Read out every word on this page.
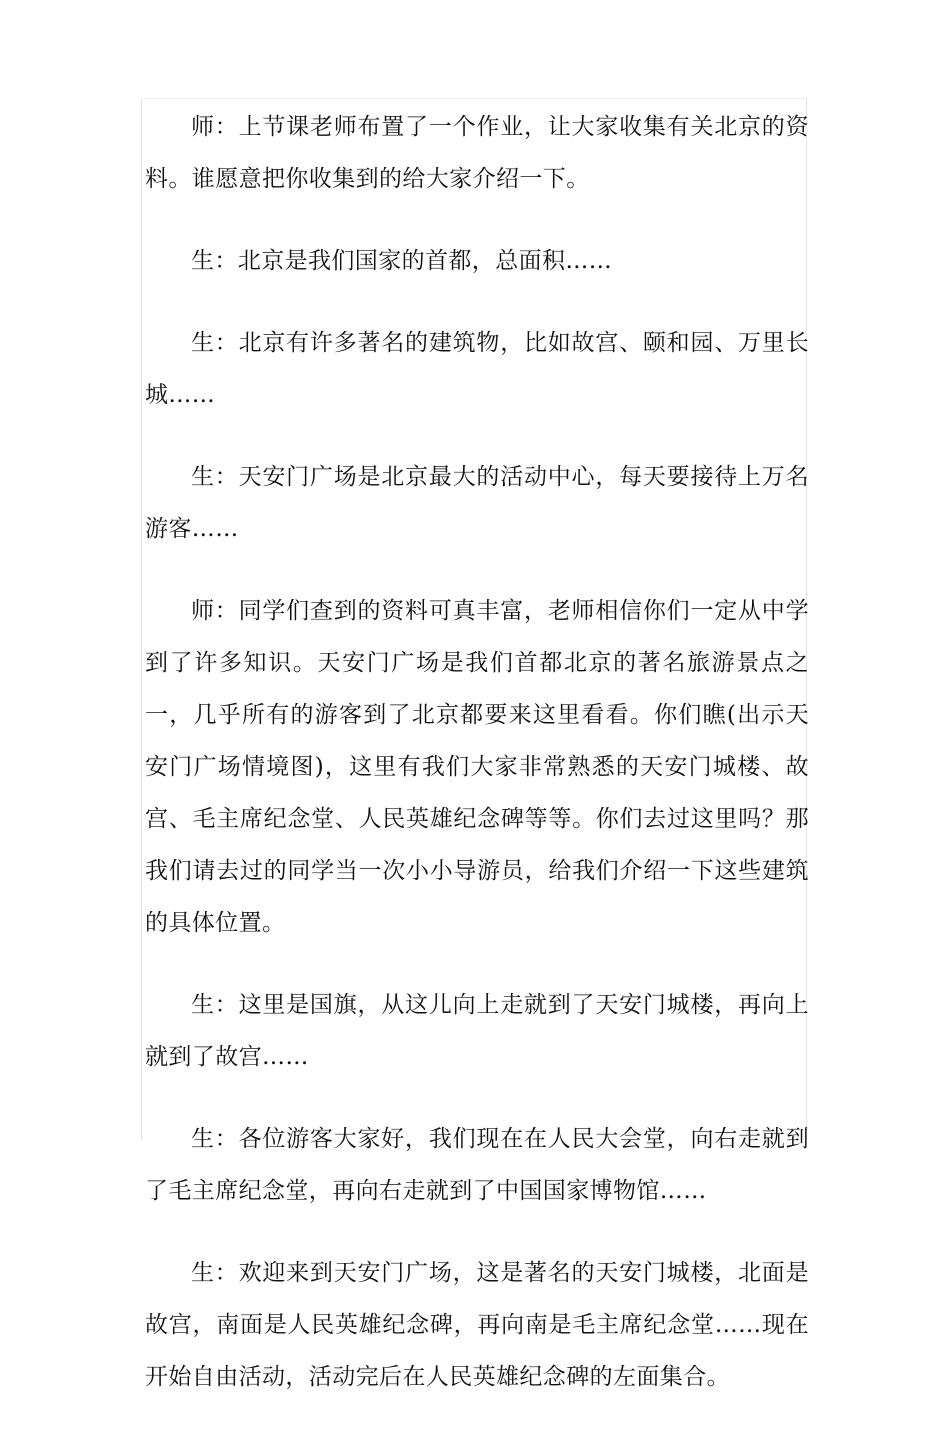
师：上节课老师布置了一个作业，让大家收集有关北京的资料。谁愿意把你收集到的给大家介绍一下。

生：北京是我们国家的首都，总面积……

生：北京有许多著名的建筑物，比如故宫、颐和园、万里长城……

生：天安门广场是北京最大的活动中心，每天要接待上万名游客……

师：同学们查到的资料可真丰富，老师相信你们一定从中学到了许多知识。天安门广场是我们首都北京的著名旅游景点之一，几乎所有的游客到了北京都要来这里看看。你们瞧(出示天安门广场情境图)，这里有我们大家非常熟悉的天安门城楼、故宫、毛主席纪念堂、人民英雄纪念碑等等。你们去过这里吗？那我们请去过的同学当一次小小导游员，给我们介绍一下这些建筑的具体位置。

生：这里是国旗，从这儿向上走就到了天安门城楼，再向上就到了故宫……

生：各位游客大家好，我们现在在人民大会堂，向右走就到了毛主席纪念堂，再向右走就到了中国国家博物馆……

生：欢迎来到天安门广场，这是著名的天安门城楼，北面是故宫，南面是人民英雄纪念碑，再向南是毛主席纪念堂……现在开始自由活动，活动完后在人民英雄纪念碑的左面集合。
